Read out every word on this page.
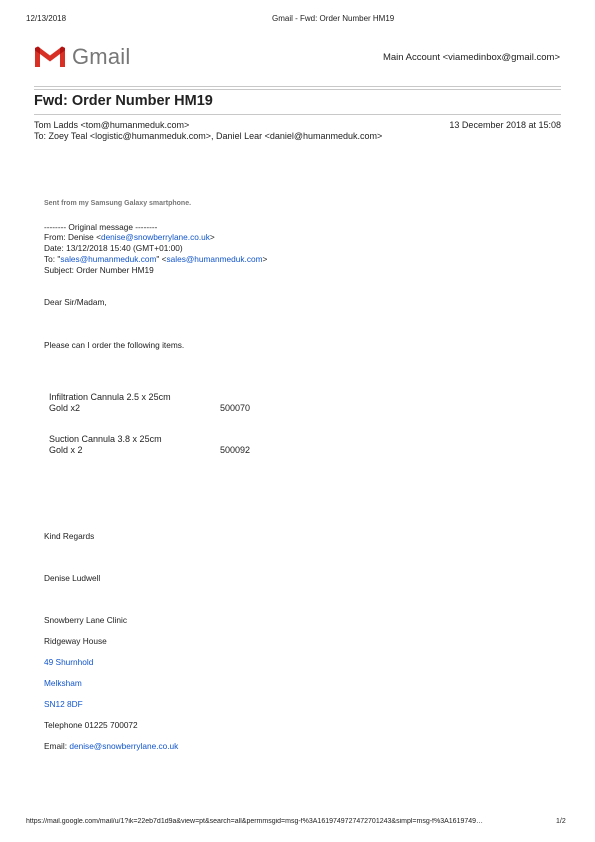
12/13/2018	Gmail - Fwd: Order Number HM19
Gmail	Main Account <viamedinbox@gmail.com>
Fwd: Order Number HM19
Tom Ladds <tom@humanmeduk.com>	13 December 2018 at 15:08
To: Zoey Teal <logistic@humanmeduk.com>, Daniel Lear <daniel@humanmeduk.com>
Sent from my Samsung Galaxy smartphone.
-------- Original message --------
From: Denise <denise@snowberrylane.co.uk>
Date: 13/12/2018 15:40 (GMT+01:00)
To: "sales@humanmeduk.com" <sales@humanmeduk.com>
Subject: Order Number HM19
Dear Sir/Madam,
Please can I order the following items.
Infiltration Cannula 2.5 x 25cm
Gold x2	500070
Suction Cannula 3.8 x 25cm
Gold x 2	500092
Kind Regards
Denise Ludwell
Snowberry Lane Clinic
Ridgeway House
49 Shurnhold
Melksham
SN12 8DF
Telephone 01225 700072
Email: denise@snowberrylane.co.uk
https://mail.google.com/mail/u/1?ik=22eb7d1d9a&view=pt&search=all&permmsgid=msg-f%3A1619749727472701243&simpl=msg-f%3A1619749…	1/2
